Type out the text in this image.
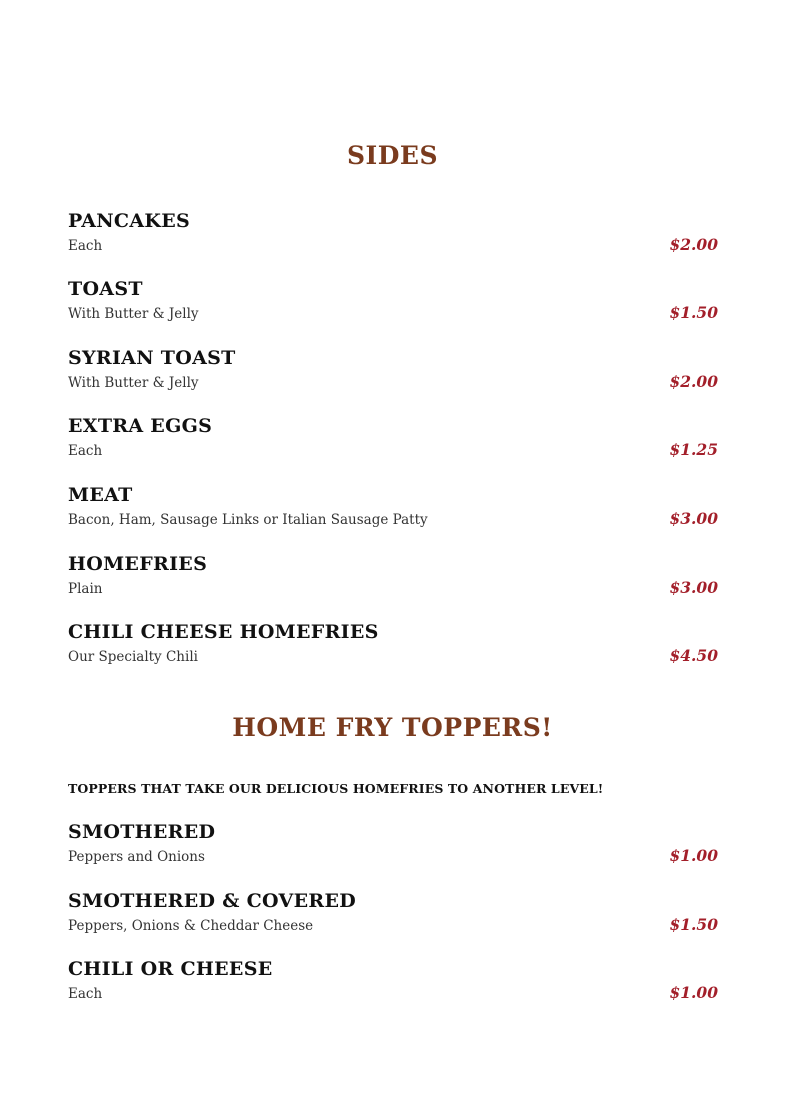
SIDES

PANCAKES

Each	$2.00

TOAST

With Butter & Jelly	$1.50

SYRIAN TOAST

With Butter & Jelly	$2.00

EXTRA EGGS

Each	$1.25

MEAT

Bacon, Ham, Sausage Links or Italian Sausage Patty	$3.00

HOMEFRIES

Plain	$3.00

CHILI CHEESE HOMEFRIES

Our Specialty Chili	$4.50

HOME FRY TOPPERS!

TOPPERS THAT TAKE OUR DELICIOUS HOMEFRIES TO ANOTHER LEVEL!

SMOTHERED

Peppers and Onions	$1.00

SMOTHERED & COVERED

Peppers, Onions & Cheddar Cheese	$1.50

CHILI OR CHEESE

Each	$1.00
